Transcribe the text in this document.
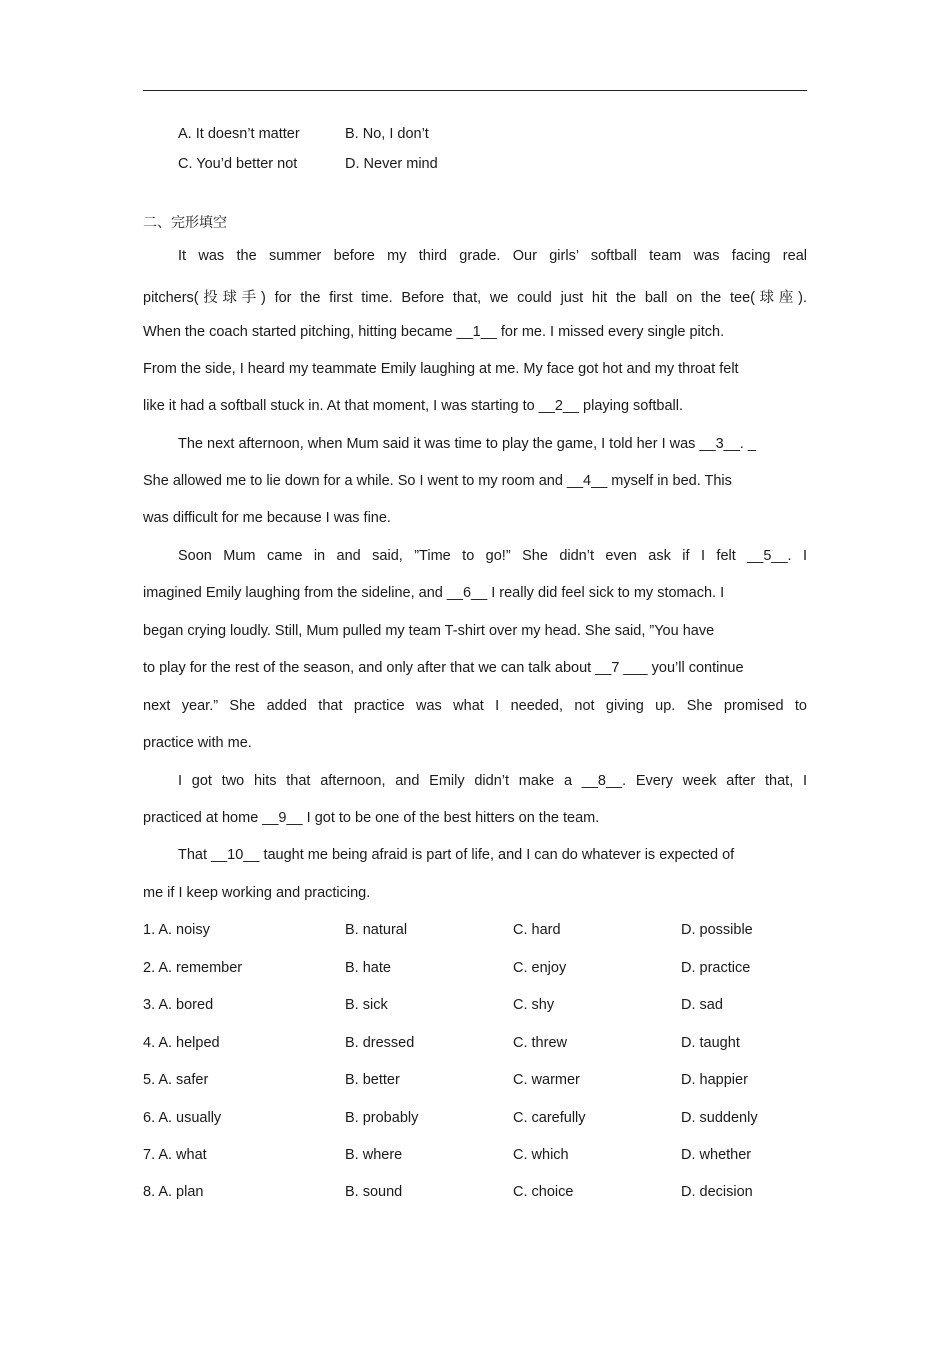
A. It doesn’t matter	B. No, I don’t
C. You’d better not	D. Never mind
二、完形填空
It was the summer before my third grade. Our girls’ softball team was facing real
pitchers(投球手) for the first time. Before that, we could just hit the ball on the tee(球座).
When the coach started pitching, hitting became __1__ for me. I missed every single pitch.
From the side, I heard my teammate Emily laughing at me. My face got hot and my throat felt
like it had a softball stuck in. At that moment, I was starting to __2__ playing softball.
The next afternoon, when Mum said it was time to play the game, I told her I was __3__. _
She allowed me to lie down for a while. So I went to my room and __4__ myself in bed. This
was difficult for me because I was fine.
Soon Mum came in and said, ”Time to go!” She didn’t even ask if I felt __5__. I
imagined Emily laughing from the sideline, and __6__ I really did feel sick to my stomach. I
began crying loudly. Still, Mum pulled my team T-shirt over my head. She said, ”You have
to play for the rest of the season, and only after that we can talk about __7 ___ you’ll continue
next year.” She added that practice was what I needed, not giving up. She promised to
practice with me.
I got two hits that afternoon, and Emily didn’t make a __8__. Every week after that, I
practiced at home __9__ I got to be one of the best hitters on the team.
That __10__ taught me being afraid is part of life, and I can do whatever is expected of
me if I keep working and practicing.
1. A. noisy	B. natural	C. hard	D. possible
2. A. remember	B. hate	C. enjoy	D. practice
3. A. bored	B. sick	C. shy	D. sad
4. A. helped	B. dressed	C. threw	D. taught
5. A. safer	B. better	C. warmer	D. happier
6. A. usually	B. probably	C. carefully	D. suddenly
7. A. what	B. where	C. which	D. whether
8. A. plan	B. sound	C. choice	D. decision
